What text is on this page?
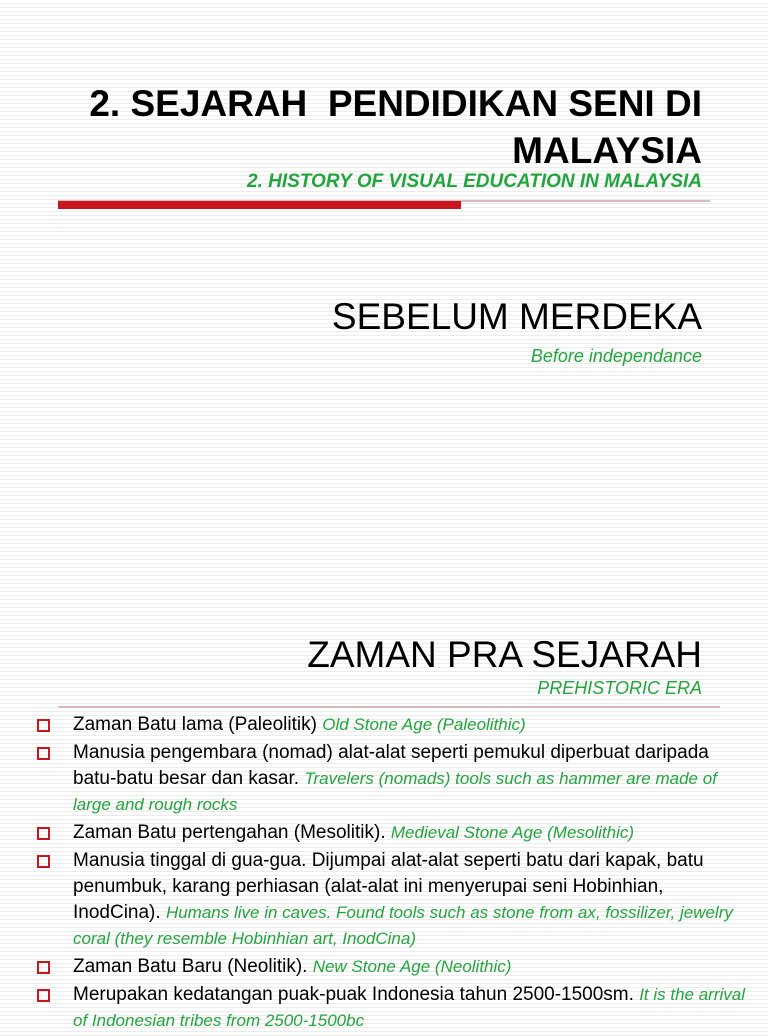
2. SEJARAH  PENDIDIKAN SENI DI
MALAYSIA
2. HISTORY OF VISUAL EDUCATION IN MALAYSIA
SEBELUM MERDEKA
Before independance
ZAMAN PRA SEJARAH
PREHISTORIC ERA
Zaman Batu lama (Paleolitik) Old Stone Age (Paleolithic)
Manusia pengembara (nomad) alat-alat seperti pemukul diperbuat daripada batu-batu besar dan kasar. Travelers (nomads) tools such as hammer are made of large and rough rocks
Zaman Batu pertengahan (Mesolitik). Medieval Stone Age (Mesolithic)
Manusia tinggal di gua-gua. Dijumpai alat-alat seperti batu dari kapak, batu penumbuk, karang perhiasan (alat-alat ini menyerupai seni Hobinhian, InodCina). Humans live in caves. Found tools such as stone from ax, fossilizer, jewelry coral (they resemble Hobinhian art, InodCina)
Zaman Batu Baru (Neolitik). New Stone Age (Neolithic)
Merupakan kedatangan puak-puak Indonesia tahun 2500-1500sm. It is the arrival of Indonesian tribes from 2500-1500bc
